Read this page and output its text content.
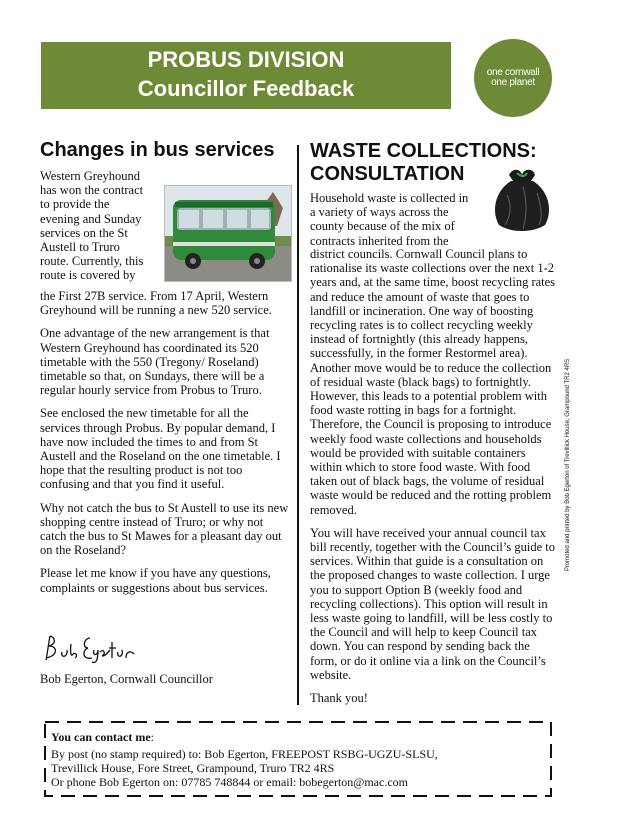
PROBUS DIVISION
Councillor Feedback
one cornwall
one planet
Changes in bus services
Western Greyhound
has won the contract
to provide the
evening and Sunday
services on the St
Austell to Truro
route. Currently, this
route is covered by

the First 27B service. From 17 April, Western Greyhound will be running a new 520 service.

One advantage of the new arrangement is that Western Greyhound has coordinated its 520 timetable with the 550 (Tregony/ Roseland) timetable so that, on Sundays, there will be a regular hourly service from Probus to Truro.

See enclosed the new timetable for all the services through Probus. By popular demand, I have now included the times to and from St Austell and the Roseland on the one timetable. I hope that the resulting product is not too confusing and that you find it useful.

Why not catch the bus to St Austell to use its new shopping centre instead of Truro; or why not catch the bus to St Mawes for a pleasant day out on the Roseland?

Please let me know if you have any questions, complaints or suggestions about bus services.

Bob Egerton, Cornwall Councillor
WASTE COLLECTIONS:
CONSULTATION
Household waste is collected in
a variety of ways across the
county because of the mix of
contracts inherited from the

district councils. Cornwall Council plans to rationalise its waste collections over the next 1-2 years and, at the same time, boost recycling rates and reduce the amount of waste that goes to landfill or incineration. One way of boosting recycling rates is to collect recycling weekly instead of fortnightly (this already happens, successfully, in the former Restormel area). Another move would be to reduce the collection of residual waste (black bags) to fortnightly. However, this leads to a potential problem with food waste rotting in bags for a fortnight. Therefore, the Council is proposing to introduce weekly food waste collections and households would be provided with suitable containers within which to store food waste. With food taken out of black bags, the volume of residual waste would be reduced and the rotting problem removed.

You will have received your annual council tax bill recently, together with the Council’s guide to services. Within that guide is a consultation on the proposed changes to waste collection. I urge you to support Option B (weekly food and recycling collections). This option will result in less waste going to landfill, will be less costly to the Council and will help to keep Council tax down. You can respond by sending back the form, or do it online via a link on the Council’s website.

Thank you!

Promoted and printed by Bob Egerton of Trevillick House, Grampound TR2 4RS
You can contact me:
By post (no stamp required) to: Bob Egerton, FREEPOST RSBG-UGZU-SLSU,
Trevillick House, Fore Street, Grampound, Truro TR2 4RS
Or phone Bob Egerton on: 07785 748844 or email: bobegerton@mac.com
